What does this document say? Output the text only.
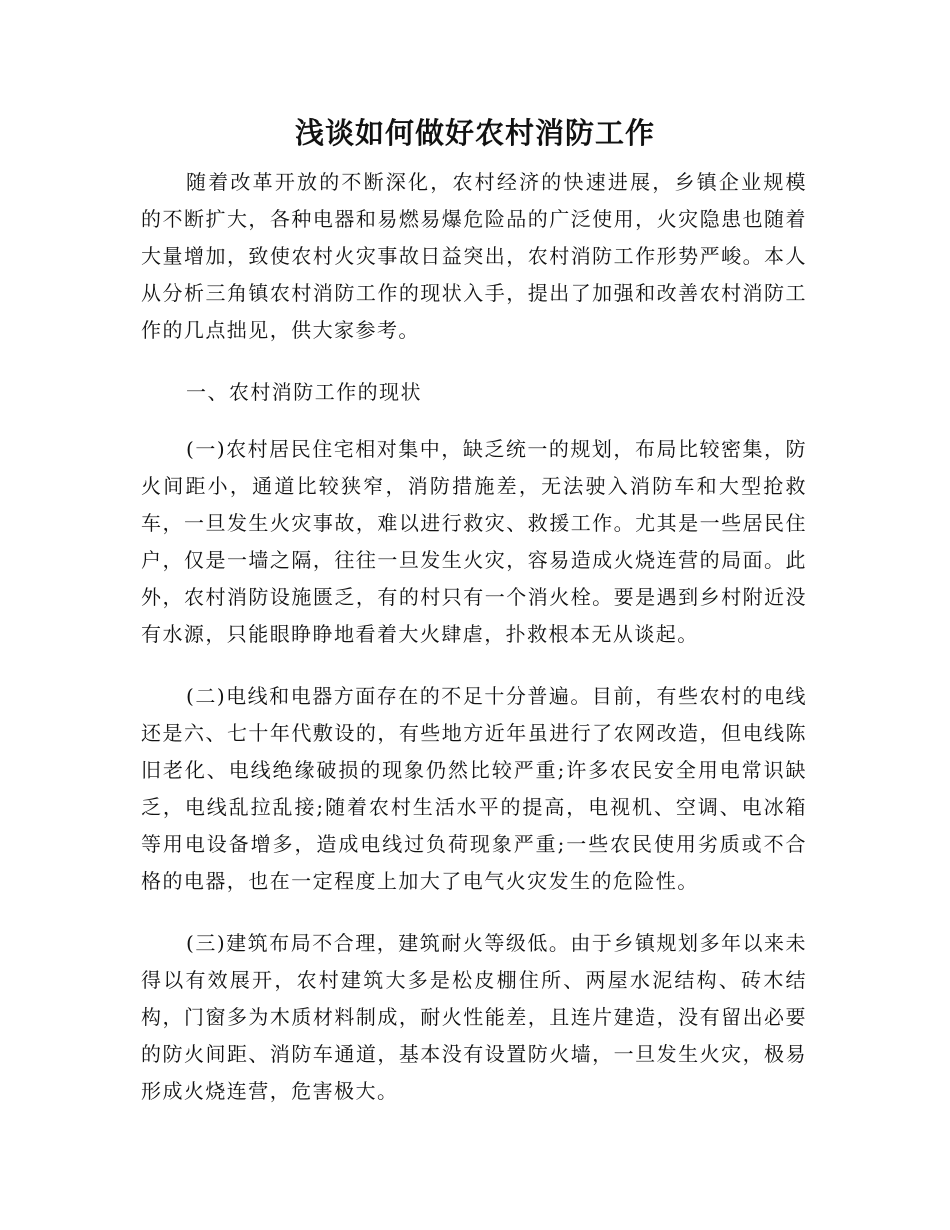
浅谈如何做好农村消防工作

随着改革开放的不断深化，农村经济的快速进展，乡镇企业规模的不断扩大，各种电器和易燃易爆危险品的广泛使用，火灾隐患也随着大量增加，致使农村火灾事故日益突出，农村消防工作形势严峻。本人从分析三角镇农村消防工作的现状入手，提出了加强和改善农村消防工作的几点拙见，供大家参考。

一、农村消防工作的现状

(一)农村居民住宅相对集中，缺乏统一的规划，布局比较密集，防火间距小，通道比较狭窄，消防措施差，无法驶入消防车和大型抢救车，一旦发生火灾事故，难以进行救灾、救援工作。尤其是一些居民住户，仅是一墙之隔，往往一旦发生火灾，容易造成火烧连营的局面。此外，农村消防设施匮乏，有的村只有一个消火栓。要是遇到乡村附近没有水源，只能眼睁睁地看着大火肆虐，扑救根本无从谈起。

(二)电线和电器方面存在的不足十分普遍。目前，有些农村的电线还是六、七十年代敷设的，有些地方近年虽进行了农网改造，但电线陈旧老化、电线绝缘破损的现象仍然比较严重;许多农民安全用电常识缺乏，电线乱拉乱接;随着农村生活水平的提高，电视机、空调、电冰箱等用电设备增多，造成电线过负荷现象严重;一些农民使用劣质或不合格的电器，也在一定程度上加大了电气火灾发生的危险性。

(三)建筑布局不合理，建筑耐火等级低。由于乡镇规划多年以来未得以有效展开，农村建筑大多是松皮棚住所、两屋水泥结构、砖木结构，门窗多为木质材料制成，耐火性能差，且连片建造，没有留出必要的防火间距、消防车通道，基本没有设置防火墙，一旦发生火灾，极易形成火烧连营，危害极大。
